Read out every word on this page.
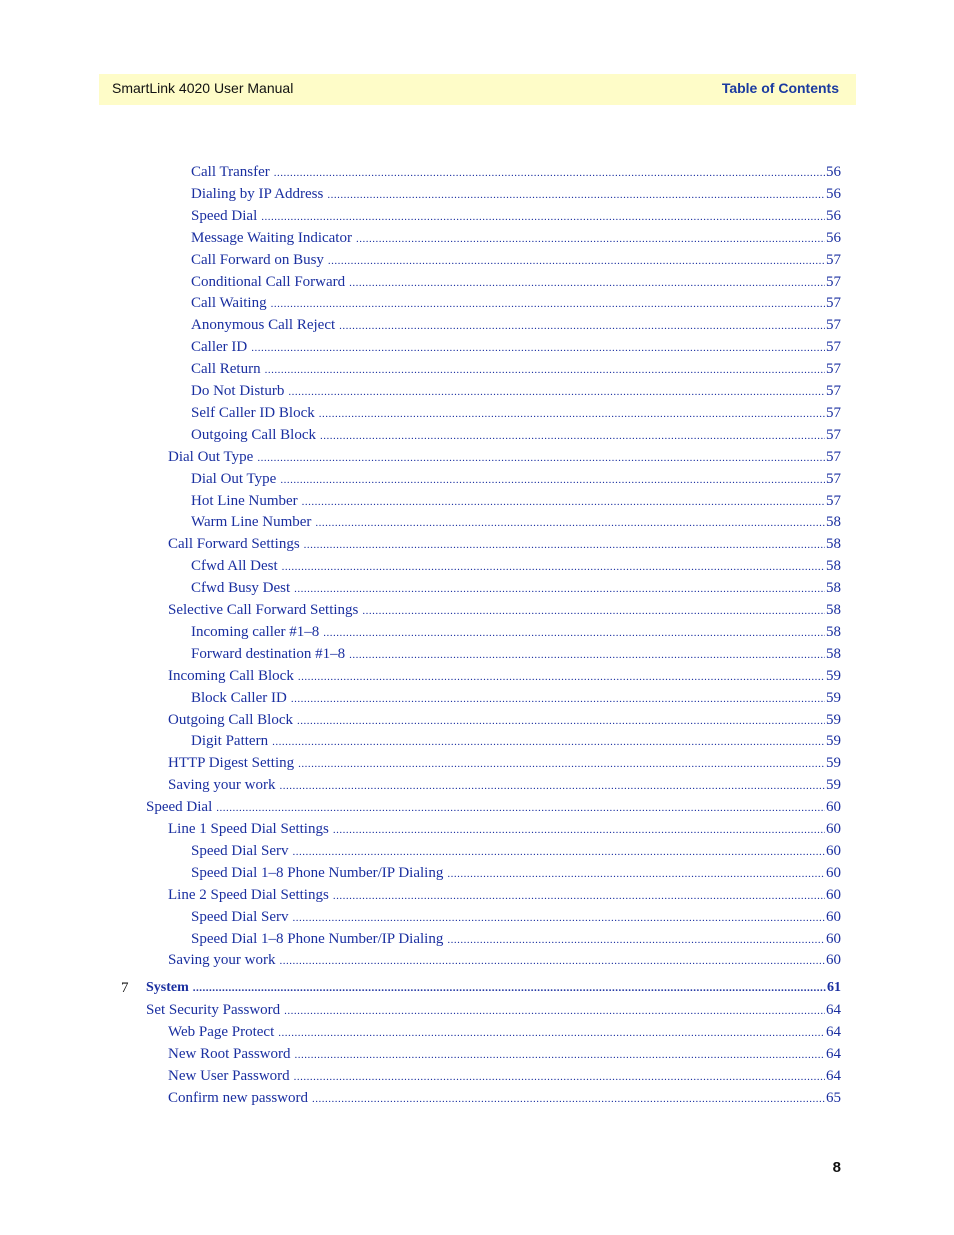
SmartLink 4020 User Manual	Table of Contents
Call Transfer .....	56
Dialing by IP Address .....	56
Speed Dial .....	56
Message Waiting Indicator .....	56
Call Forward on Busy .....	57
Conditional Call Forward .....	57
Call Waiting .....	57
Anonymous Call Reject .....	57
Caller ID .....	57
Call Return .....	57
Do Not Disturb .....	57
Self Caller ID Block .....	57
Outgoing Call Block .....	57
Dial Out Type .....	57
Dial Out Type .....	57
Hot Line Number .....	57
Warm Line Number .....	58
Call Forward Settings .....	58
Cfwd All Dest .....	58
Cfwd Busy Dest .....	58
Selective Call Forward Settings .....	58
Incoming caller #1–8 .....	58
Forward destination #1–8 .....	58
Incoming Call Block .....	59
Block Caller ID .....	59
Outgoing Call Block .....	59
Digit Pattern .....	59
HTTP Digest Setting .....	59
Saving your work .....	59
Speed Dial .....	60
Line 1 Speed Dial Settings .....	60
Speed Dial Serv .....	60
Speed Dial 1–8 Phone Number/IP Dialing .....	60
Line 2 Speed Dial Settings .....	60
Speed Dial Serv .....	60
Speed Dial 1–8 Phone Number/IP Dialing .....	60
Saving your work .....	60
7 System .....	61
Set Security Password .....	64
Web Page Protect .....	64
New Root Password .....	64
New User Password .....	64
Confirm new password .....	65
8
